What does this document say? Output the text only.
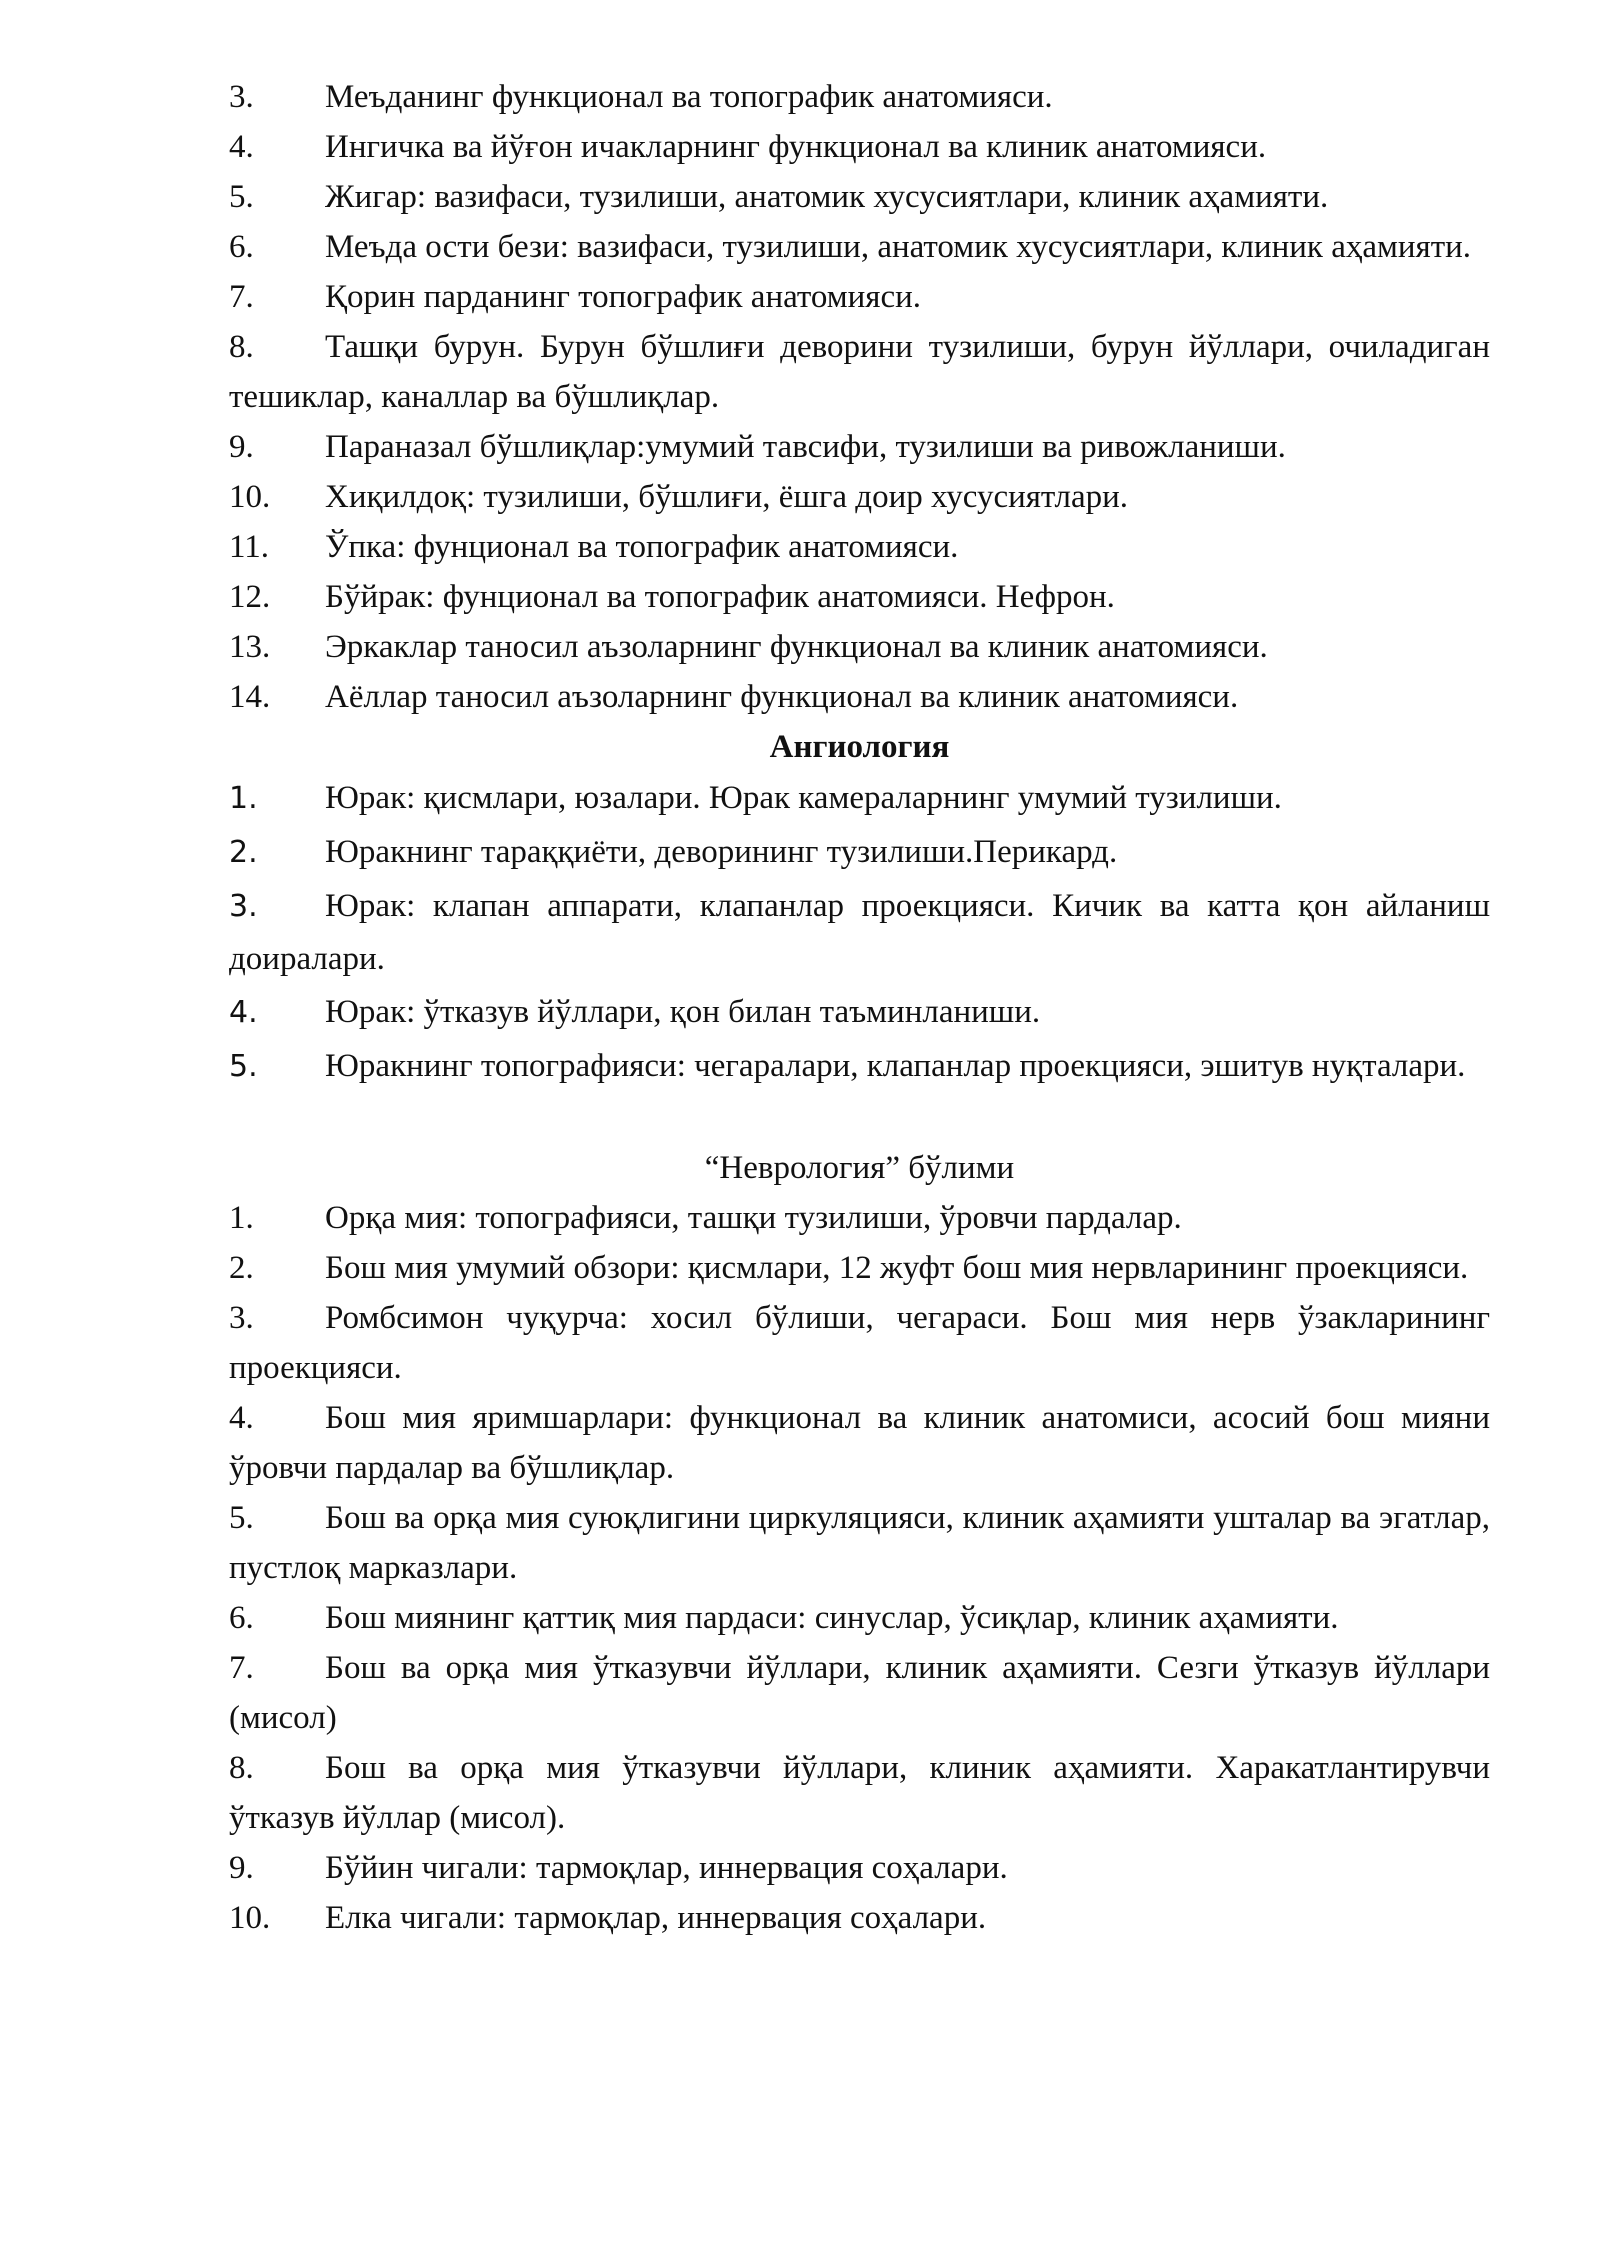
3. Меъданинг функционал ва топографик анатомияси.

4. Ингичка ва йўғон ичакларнинг функционал ва клиник анатомияси.

5. Жигар: вазифаси, тузилиши, анатомик хусусиятлари, клиник аҳамияти.

6. Меъда ости бези: вазифаси, тузилиши, анатомик хусусиятлари, клиник аҳамияти.

7. Қорин парданинг топографик анатомияси.

8. Ташқи бурун. Бурун бўшлиғи деворини тузилиши, бурун йўллари, очиладиган тешиклар, каналлар ва бўшлиқлар.

9. Параназал бўшлиқлар:умумий тавсифи, тузилиши ва ривожланиши.

10. Хиқилдоқ: тузилиши, бўшлиғи, ёшга доир хусусиятлари.

11. Ўпка: фунционал ва топографик анатомияси.

12. Бўйрак: фунционал ва топографик анатомияси. Нефрон.

13. Эркаклар таносил аъзоларнинг функционал ва клиник анатомияси.

14. Аёллар таносил аъзоларнинг функционал ва клиник анатомияси.

Ангиология

1. Юрак: қисмлари, юзалари. Юрак камераларнинг умумий тузилиши.

2. Юракнинг тараққиёти, деворининг тузилиши.Перикард.

3. Юрак: клапан аппарати, клапанлар проекцияси. Кичик ва катта қон айланиш доиралари.

4. Юрак: ўтказув йўллари, қон билан таъминланиши.

5. Юракнинг топографияси: чегаралари, клапанлар проекцияси, эшитув нуқталари.

“Неврология” бўлими

1. Орқа мия: топографияси, ташқи тузилиши, ўровчи пардалар.

2. Бош мия умумий обзори: қисмлари, 12 жуфт бош мия нервларининг проекцияси.

3. Ромбсимон чуқурча: хосил бўлиши, чегараси. Бош мия нерв ўзакларининг проекцияси.

4. Бош мия яримшарлари: функционал ва клиник анатомиси, асосий бош мияни ўровчи пардалар ва бўшлиқлар.

5. Бош ва орқа мия суюқлигини циркуляцияси, клиник аҳамияти уштaлар ва эгатлар, пустлоқ марказлари.

6. Бош миянинг қаттиқ мия пардаси: синуслар, ўсиқлар, клиник аҳамияти.

7. Бош ва орқа мия ўтказувчи йўллари, клиник аҳамияти. Сезги ўтказув йўллари (мисол)

8. Бош ва орқа мия ўтказувчи йўллари, клиник аҳамияти. Харакатлантирувчи ўтказув йўллар (мисол).

9. Бўйин чигали: тармоқлар, иннервация соҳалари.

10. Елка чигали: тармоқлар, иннервация соҳалари.
